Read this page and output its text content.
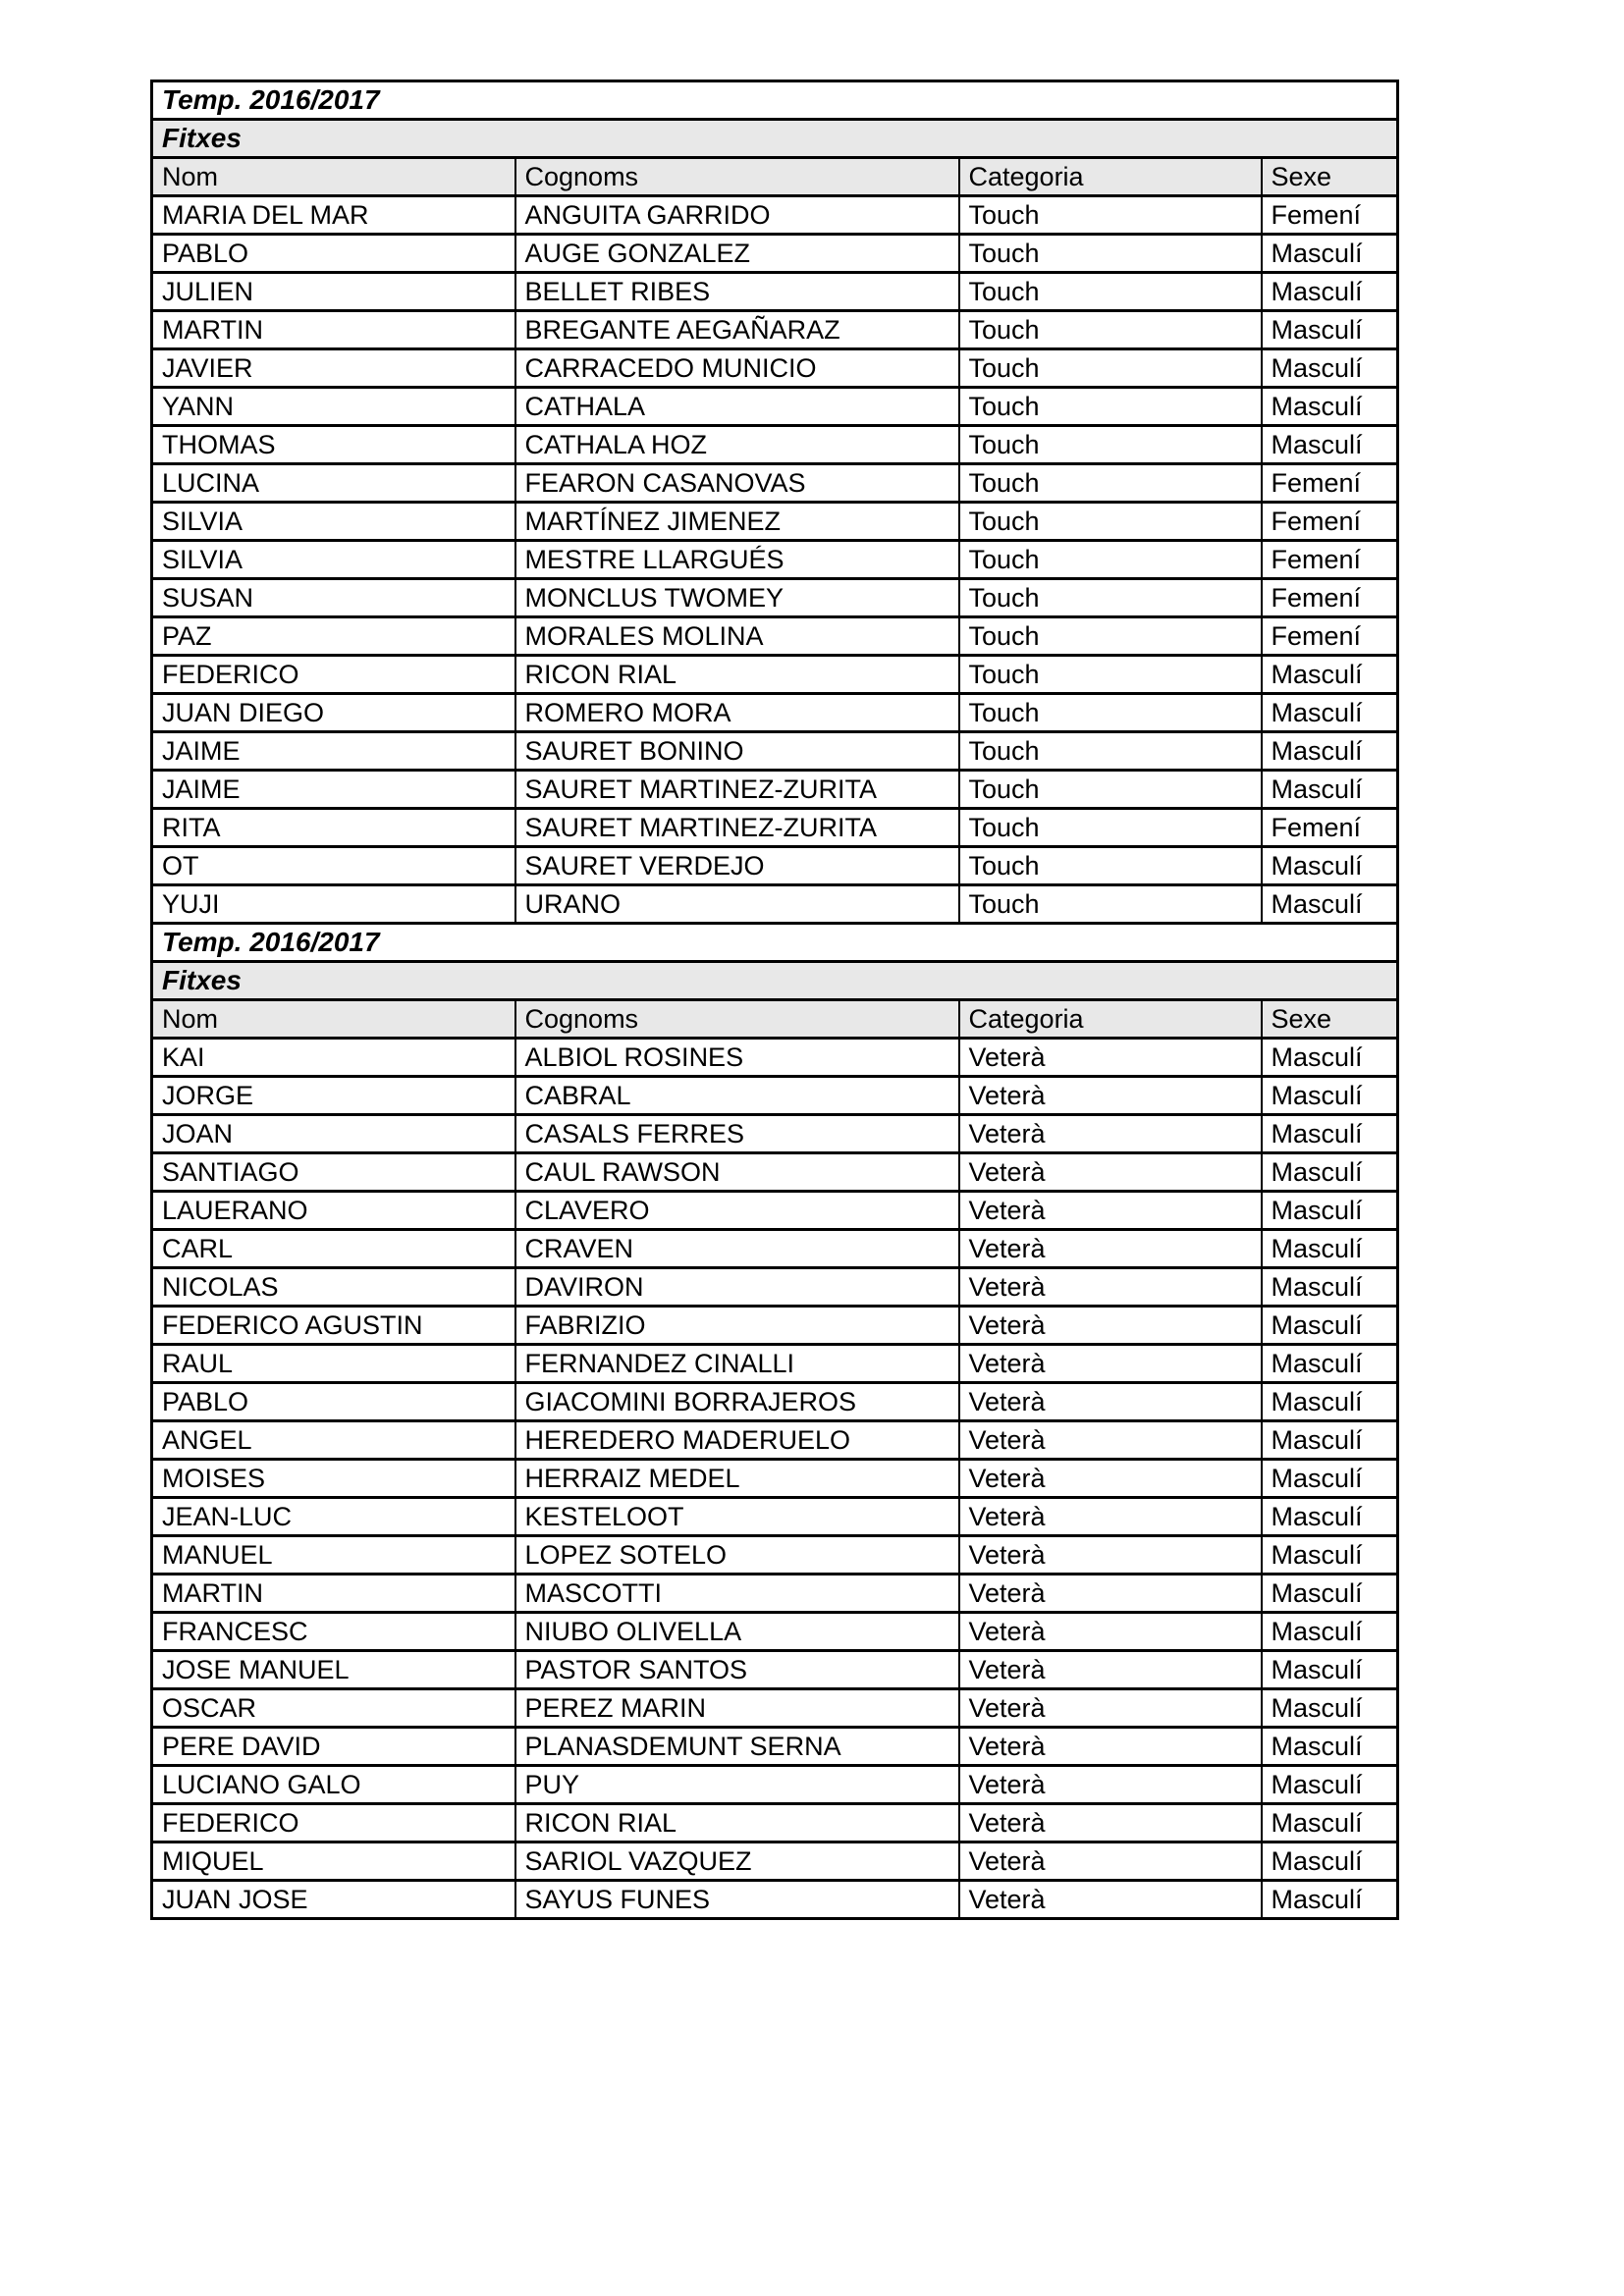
Temp. 2016/2017			
Fitxes			
Nom	Cognoms	Categoria	Sexe
MARIA DEL MAR	ANGUITA GARRIDO	Touch	Femení
PABLO	AUGE GONZALEZ	Touch	Masculí
JULIEN	BELLET RIBES	Touch	Masculí
MARTIN	BREGANTE AEGAÑARAZ	Touch	Masculí
JAVIER	CARRACEDO MUNICIO	Touch	Masculí
YANN	CATHALA	Touch	Masculí
THOMAS	CATHALA HOZ	Touch	Masculí
LUCINA	FEARON CASANOVAS	Touch	Femení
SILVIA	MARTÍNEZ JIMENEZ	Touch	Femení
SILVIA	MESTRE LLARGUÉS	Touch	Femení
SUSAN	MONCLUS TWOMEY	Touch	Femení
PAZ	MORALES MOLINA	Touch	Femení
FEDERICO	RICON RIAL	Touch	Masculí
JUAN DIEGO	ROMERO MORA	Touch	Masculí
JAIME	SAURET BONINO	Touch	Masculí
JAIME	SAURET MARTINEZ-ZURITA	Touch	Masculí
RITA	SAURET MARTINEZ-ZURITA	Touch	Femení
OT	SAURET VERDEJO	Touch	Masculí
YUJI	URANO	Touch	Masculí
Temp. 2016/2017			
Fitxes			
Nom	Cognoms	Categoria	Sexe
KAI	ALBIOL ROSINES	Veterà	Masculí
JORGE	CABRAL	Veterà	Masculí
JOAN	CASALS FERRES	Veterà	Masculí
SANTIAGO	CAUL RAWSON	Veterà	Masculí
LAUERANO	CLAVERO	Veterà	Masculí
CARL	CRAVEN	Veterà	Masculí
NICOLAS	DAVIRON	Veterà	Masculí
FEDERICO AGUSTIN	FABRIZIO	Veterà	Masculí
RAUL	FERNANDEZ CINALLI	Veterà	Masculí
PABLO	GIACOMINI BORRAJEROS	Veterà	Masculí
ANGEL	HEREDERO MADERUELO	Veterà	Masculí
MOISES	HERRAIZ MEDEL	Veterà	Masculí
JEAN-LUC	KESTELOOT	Veterà	Masculí
MANUEL	LOPEZ SOTELO	Veterà	Masculí
MARTIN	MASCOTTI	Veterà	Masculí
FRANCESC	NIUBO OLIVELLA	Veterà	Masculí
JOSE MANUEL	PASTOR SANTOS	Veterà	Masculí
OSCAR	PEREZ MARIN	Veterà	Masculí
PERE DAVID	PLANASDEMUNT SERNA	Veterà	Masculí
LUCIANO GALO	PUY	Veterà	Masculí
FEDERICO	RICON RIAL	Veterà	Masculí
MIQUEL	SARIOL VAZQUEZ	Veterà	Masculí
JUAN JOSE	SAYUS FUNES	Veterà	Masculí
